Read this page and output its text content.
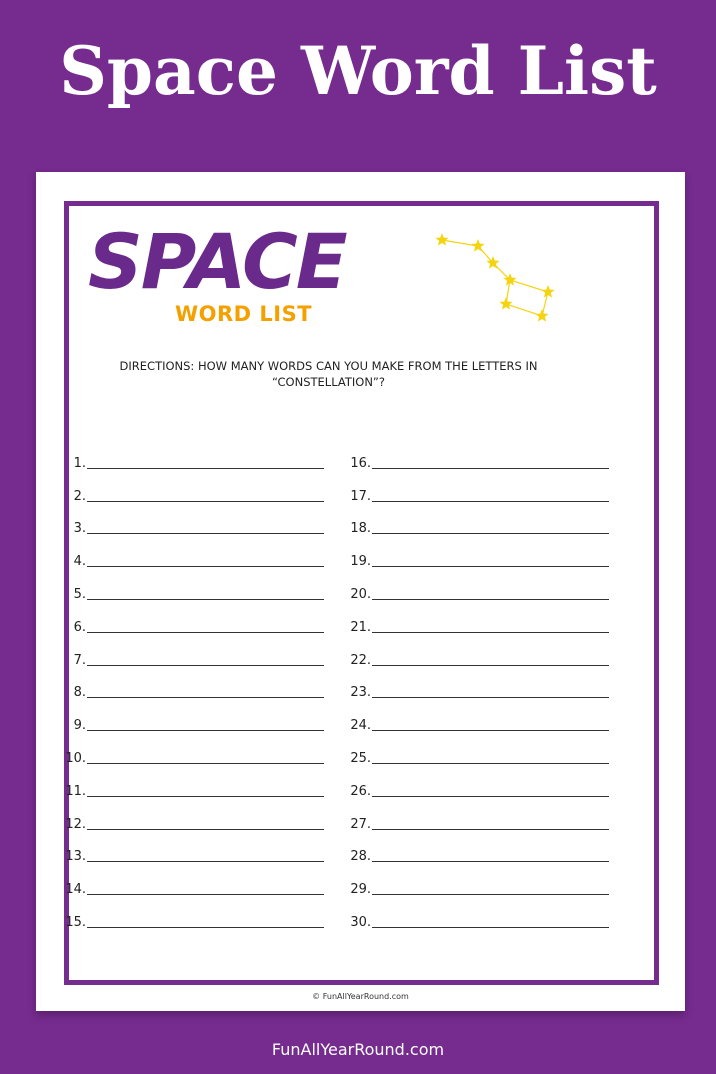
Space Word List
SPACE
WORD LIST
DIRECTIONS: HOW MANY WORDS CAN YOU MAKE FROM THE LETTERS IN
“CONSTELLATION”?
1.
2.
3.
4.
5.
6.
7.
8.
9.
10.
11.
12.
13.
14.
15.
16.
17.
18.
19.
20.
21.
22.
23.
24.
25.
26.
27.
28.
29.
30.
© FunAllYearRound.com
FunAllYearRound.com
